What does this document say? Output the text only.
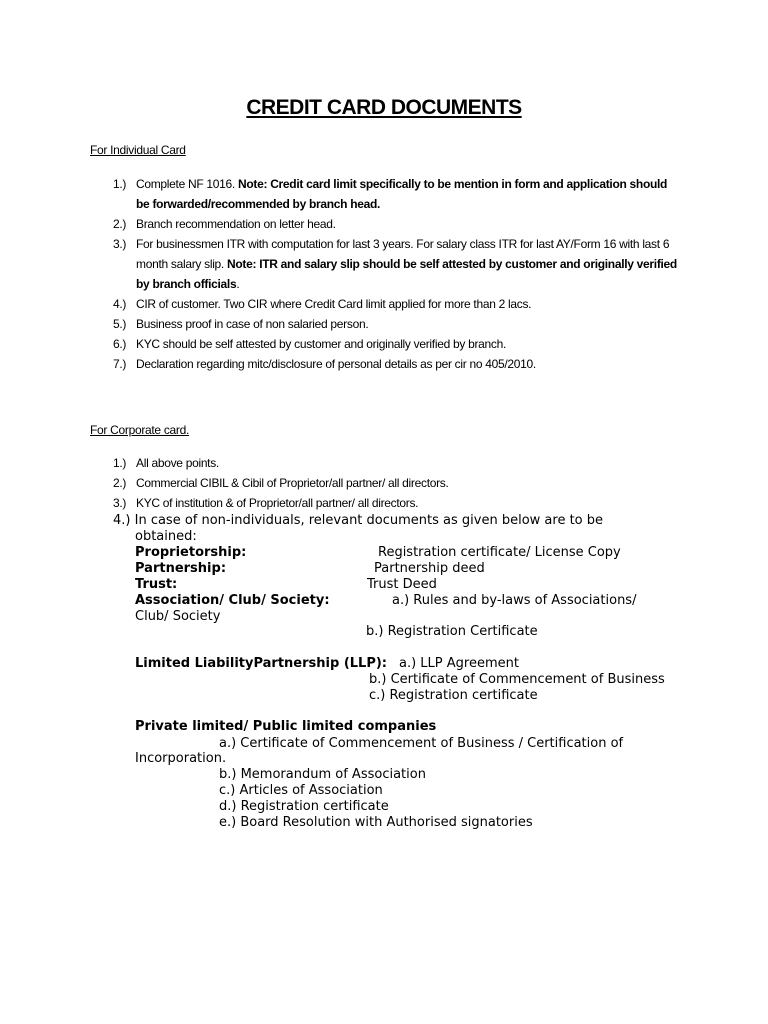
CREDIT CARD DOCUMENTS
For Individual Card
1.) Complete NF 1016. Note: Credit card limit specifically to be mention in form and application should be forwarded/recommended by branch head.
2.) Branch recommendation on letter head.
3.) For businessmen ITR with computation for last 3 years. For salary class ITR for last AY/Form 16 with last 6 month salary slip. Note: ITR and salary slip should be self attested by customer and originally verified by branch officials.
4.) CIR of customer. Two CIR where Credit Card limit applied for more than 2 lacs.
5.) Business proof in case of non salaried person.
6.) KYC should be self attested by customer and originally verified by branch.
7.) Declaration regarding mitc/disclosure of personal details as per cir no 405/2010.
For Corporate card.
1.) All above points.
2.) Commercial CIBIL & Cibil of Proprietor/all partner/ all directors.
3.) KYC of institution & of Proprietor/all partner/ all directors.
4.) In case of non-individuals, relevant documents as given below are to be
obtained:
Proprietorship:	Registration certificate/ License Copy
Partnership:	Partnership deed
Trust:	Trust Deed
Association/ Club/ Society:	a.) Rules and by-laws of Associations/
Club/ Society
b.) Registration Certificate
Limited LiabilityPartnership (LLP): a.) LLP Agreement
b.) Certificate of Commencement of Business
c.) Registration certificate
Private limited/ Public limited companies
a.) Certificate of Commencement of Business / Certification of
Incorporation.
b.) Memorandum of Association
c.) Articles of Association
d.) Registration certificate
e.) Board Resolution with Authorised signatories
